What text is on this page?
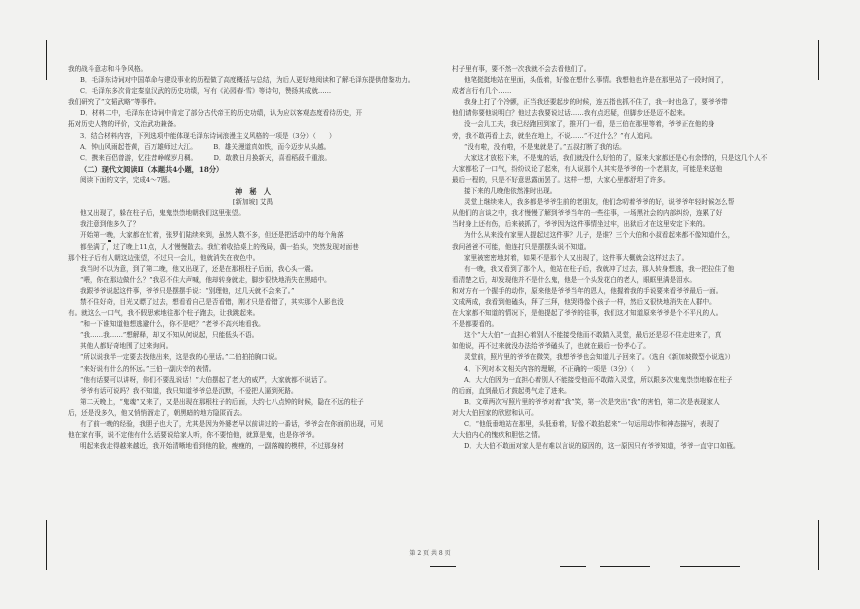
我的战斗意志和斗争风格。

B．毛泽东诗词对中国革命与建设事业的历程做了高度概括与总结，为后人更好地阅读和了解毛泽东提供借鉴功力。

C．毛泽东多次肯定秦皇汉武的历史功绩，写有《沁园春·雪》等诗句，赞扬其成就……

我们研究了“文韬武略”等事件。

D．材料二中，毛泽东在诗词中肯定了部分古代帝王的历史功绩，认为应以客观态度看待历史，开

拓对历史人物的评价，文治武功兼备。

3．结合材料内容，下列选项中能体现毛泽东诗词浪漫主义风格的一项是（3分）（　　）

A．钟山风雨起苍黄，百万雄师过大江。　　　B．雄关漫道真如铁，而今迈步从头越。

C．携来百侣曾游，忆往昔峥嵘岁月稠。　　　D．敢教日月换新天，喜看稻菽千重浪。

（二）现代文阅读Ⅱ（本题共4小题，18分）

阅读下面的文字，完成4～7题。

神　秘　人

[新加坡] 艾禺

他又出现了，躲在柱子后，鬼鬼祟祟地朝我们这里张望。

我注意到他多久了？

开始第一晚，大家都在忙着，张罗们陆续来到，虽然人数不多，但还是把活动中的每个角落

都坐满了，过了晚上11点，人才慢慢散去。我忙着收拾桌上的残局，偶一抬头，突然发现对面巷

那个柱子后有人朝这边张望，不过只一会儿，他就消失在夜色中。

我当时不以为意，到了第二晚，他又出现了，还是在那根柱子后面，我心头一震。

“喂，你在那边做什么？”我忍不住大声喊，他却转身就走，脚步很快地消失在黑暗中。

我跟爷爷说起这件事，爷爷只是摆摆手说：“别理他，过几天就不会来了。”

禁不住好奇，目光又瞟了过去，想看看自己是否看错，刚才只是看错了，其实那个人影也没

有。就这么一口气，我不假思索地往那个柱子跑去，让我跳起来。

“和一下谁知道他想逃避什么，你不是吧？”老爷不高兴地看我。

“我……我……”想解释，却又不知从何说起，只能低头不语。

其他人都好奇地围了过来询问。

“所以说我半一定要去找他出来，这是我的心里话。”二伯拍拍胸口说。

“来好说有什么的怀远。”三伯一副庆幸的表情。

“他有话要可以讲呀，你们不要乱说话！”大伯摆起了老大的威严，大家就都不说话了。

爷爷有话可说吗？我不知道，我只知道爷爷总是沉默，不爱把人逼到死路。

第二天晚上，“鬼魂”又来了，又是出现在那根柱子的后面，大约七八点钟的时候，隐在不远的柱子

后，还是没多久，他又悄悄溜走了，朝黑暗的地方隐匿而去。

有了前一晚的经验，我胆子也大了，尤其是因为外婆老早以前讲过的一番话，爷爷会在你面前出现，可见

他在家有事，说不定他有什么话要说给家人听，你不要怕他，就算是鬼，也是你爷爷。

明起来我走得越来越近，我开始清晰地看到他的脸，瘦瘦的，一副落魄的模样，不过那身材

村子里有事，要不然一次我就不会去看他们了。

他笔挺挺地站在里面，头低着，好像在想什么事情。我想他也许是在那里站了一段时间了，

成者言行有几个……

我身上打了个冷颤，正当我还要起步的时候，连五指也抓不住了，我一时也急了，要爷爷带

他们请你要他说明白？他过去我要说过话……我有点迟疑，但脚步还是迈不起来。

没一会儿工夫，我已经跑回到家了，推开门一看，是三伯在那里等着，爷爷正在他的身

旁，我不敢再看上去，就坐在地上，不说……“不过什么？”有人追问。

“没有啦，没有啦，不是鬼就是了。”五叔打断了我的话。

大家这才放松下来，不是鬼的话，我们就没什么好怕的了，原来大家都还是心有余悸的，只是这几个人不

大家都松了一口气，纷纷议论了起来，有人说那个人其实是爷爷的一个老朋友，可能是来送他

最后一程的，只是不好意思露面罢了。这样一想，大家心里都舒坦了许多。

接下来的几晚他依然准时出现。

灵堂上继续来人，我多都是爷爷生前的老朋友，他们念叨着爷爷的好，说爷爷年轻时候怎么帮

从他们的言谈之中，我才慢慢了解到爷爷当年的一些往事，一场黑社会的内部纠纷，连累了好

当时身上还有伤，后来被抓了，爷爷因为这件事情坐过牢，出狱后才在这里安定下来的。

为什么从来没有家里人提起过这件事？儿子，是谁？三个大伯和小叔看起来都不像知道什么，

我问爸爸不可能，他连打只是摆摆头说不知道。

家里被密密地封着，如果不是那个人又出现了，这件事大概就会这样过去了。

有一晚，我又看到了那个人，他站在柱子后，我就冲了过去，那人转身想逃，我一把拉住了他

看清楚之后，却发现他并不是什么鬼，他是一个头发花白的老人，眼眶里满是泪水。

和对方有一个握手的动作，原来他是爷爷当年的恩人，他握着我的手说要来看爷爷最后一面。

文成两成，我看到他磕头，拜了三拜，他哭得像个孩子一样，然后又很快地消失在人群中。

在大家都不知道的情况下，是他提起了爷爷的往事，我们这才知道原来爷爷是个不平凡的人。

不是都要看的。

这个“大大伯”一直担心着别人不能接受他而不敢踏入灵堂，最后还是忍不住走进来了，真

如他说，再不过来就没办法给爷爷磕头了，也就在最后一份孝心了。

灵堂前，照片里的爷爷在微笑，我想爷爷也会知道儿子回来了。（选自《新加坡微型小说选》）

4．下列对本文相关内容的理解，不正确的一项是（3分）（　　）

A．大大伯因为一直担心着别人不能接受他而不敢踏入灵堂，所以跟多次鬼鬼祟祟地躲在柱子

的后面，直到最后才鼓起勇气走了进来。

B．文章两次写照片里的爷爷对着“我”笑，第一次是突出“我”的害怕，第二次是表现家人

对大大伯回家的欣慰和认可。

C．“他低垂地站在那里，头低垂着，好像不敢抬起来”一句运用动作和神态描写，表现了

大大伯内心的愧疚和胆怯之情。

D．大大伯不敢面对家人是有难以言说的原因的，这一原因只有爷爷知道，爷爷一直守口如瓶。

第 2 页 共 8 页
